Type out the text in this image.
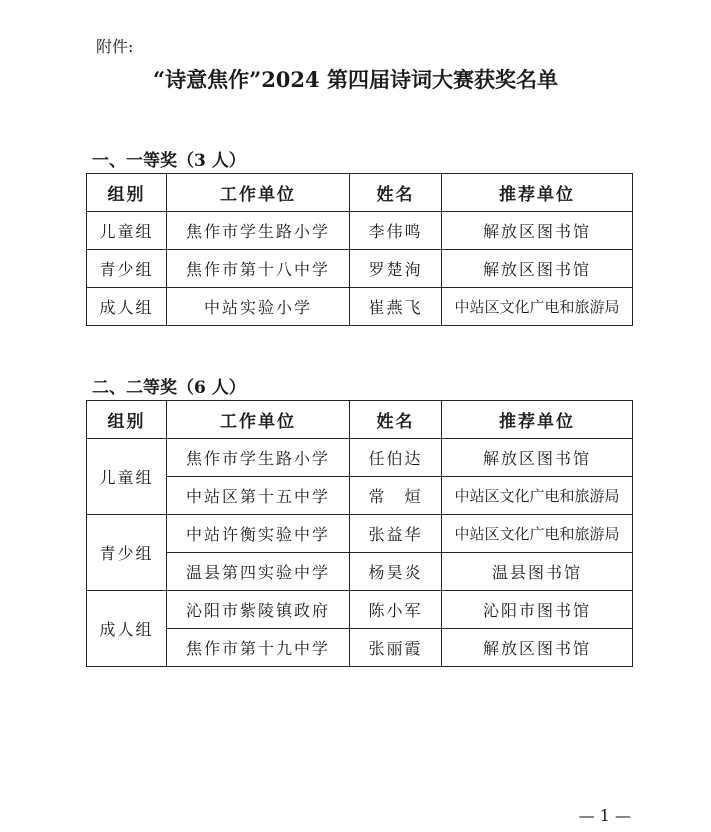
附件:
“诗意焦作”2024 第四届诗词大赛获奖名单
一、一等奖（3 人）
组别	工作单位	姓名	推荐单位
儿童组	焦作市学生路小学	李伟鸣	解放区图书馆
青少组	焦作市第十八中学	罗楚洵	解放区图书馆
成人组	中站实验小学	崔燕飞	中站区文化广电和旅游局
二、二等奖（6 人）
组别	工作单位	姓名	推荐单位
儿童组	焦作市学生路小学	任伯达	解放区图书馆
	中站区第十五中学	常　烜	中站区文化广电和旅游局
青少组	中站许衡实验中学	张益华	中站区文化广电和旅游局
	温县第四实验中学	杨昊炎	温县图书馆
成人组	沁阳市紫陵镇政府	陈小军	沁阳市图书馆
	焦作市第十九中学	张丽霞	解放区图书馆
— 1 —
